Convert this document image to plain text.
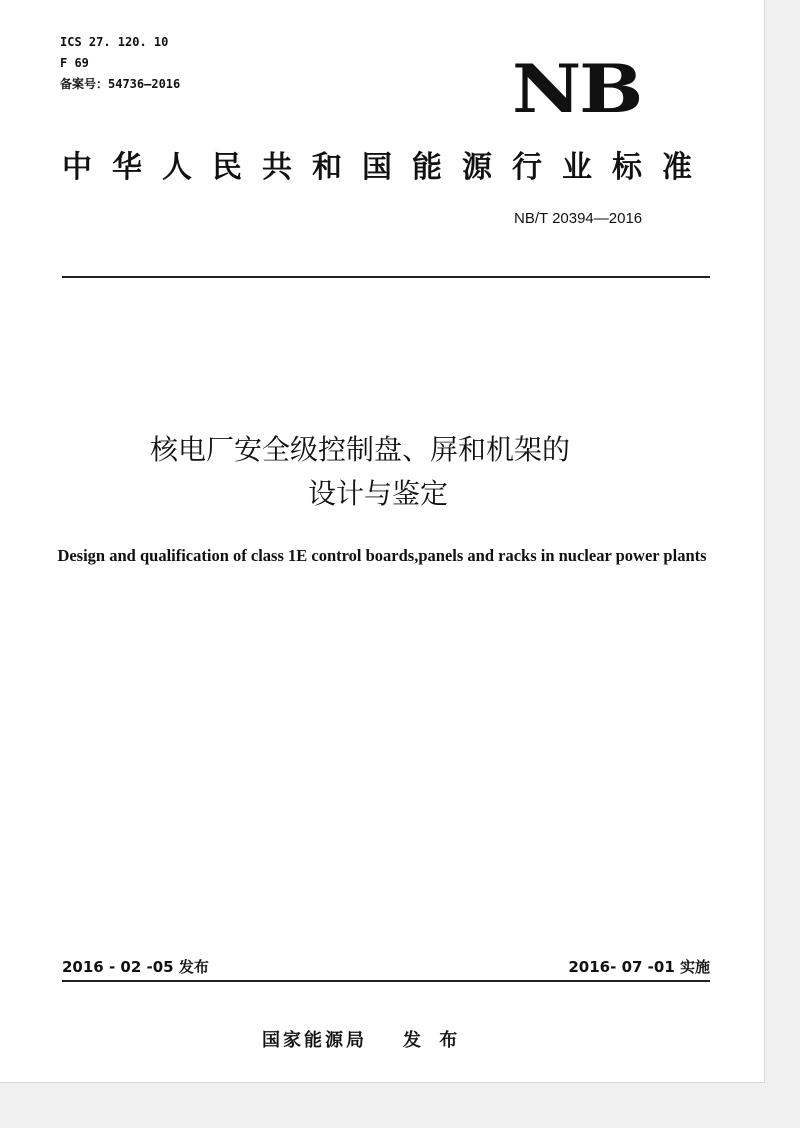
ICS 27. 120. 10
F 69
备案号：54736—2016	NB
中华人民共和国能源行业标准
NB/T 20394—2016
核电厂安全级控制盘、屏和机架的
设计与鉴定
Design and qualification of class 1E control boards,panels and racks in nuclear power plants
2016 - 02 -05 发布	2016- 07 -01 实施
国家能源局 发 布
